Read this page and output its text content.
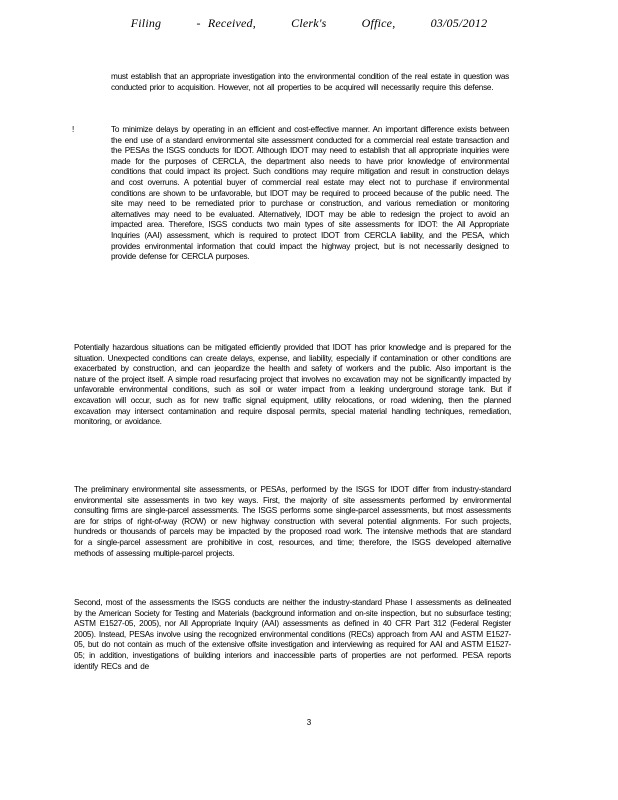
Filing	- Received,	Clerk's	Office,	03/05/2012
must establish that an appropriate investigation into the environmental condition of the real estate in question was conducted prior to acquisition. However, not all properties to be acquired will necessarily require this defense.
!	To minimize delays by operating in an efficient and cost-effective manner. An important difference exists between the end use of a standard environmental site assessment conducted for a commercial real estate transaction and the PESAs the ISGS conducts for IDOT. Although IDOT may need to establish that all appropriate inquiries were made for the purposes of CERCLA, the department also needs to have prior knowledge of environmental conditions that could impact its project. Such conditions may require mitigation and result in construction delays and cost overruns. A potential buyer of commercial real estate may elect not to purchase if environmental conditions are shown to be unfavorable, but IDOT may be required to proceed because of the public need. The site may need to be remediated prior to purchase or construction, and various remediation or monitoring alternatives may need to be evaluated. Alternatively, IDOT may be able to redesign the project to avoid an impacted area. Therefore, ISGS conducts two main types of site assessments for IDOT: the All Appropriate Inquiries (AAI) assessment, which is required to protect IDOT from CERCLA liability, and the PESA, which provides environmental information that could impact the highway project, but is not necessarily designed to provide defense for CERCLA purposes.
Potentially hazardous situations can be mitigated efficiently provided that IDOT has prior knowledge and is prepared for the situation. Unexpected conditions can create delays, expense, and liability, especially if contamination or other conditions are exacerbated by construction, and can jeopardize the health and safety of workers and the public. Also important is the nature of the project itself. A simple road resurfacing project that involves no excavation may not be significantly impacted by unfavorable environmental conditions, such as soil or water impact from a leaking underground storage tank. But if excavation will occur, such as for new traffic signal equipment, utility relocations, or road widening, then the planned excavation may intersect contamination and require disposal permits, special material handling techniques, remediation, monitoring, or avoidance.
The preliminary environmental site assessments, or PESAs, performed by the ISGS for IDOT differ from industry-standard environmental site assessments in two key ways. First, the majority of site assessments performed by environmental consulting firms are single-parcel assessments. The ISGS performs some single-parcel assessments, but most assessments are for strips of right-of-way (ROW) or new highway construction with several potential alignments. For such projects, hundreds or thousands of parcels may be impacted by the proposed road work. The intensive methods that are standard for a single-parcel assessment are prohibitive in cost, resources, and time; therefore, the ISGS developed alternative methods of assessing multiple-parcel projects.
Second, most of the assessments the ISGS conducts are neither the industry-standard Phase I assessments as delineated by the American Society for Testing and Materials (background information and on-site inspection, but no subsurface testing; ASTM E1527-05, 2005), nor All Appropriate Inquiry (AAI) assessments as defined in 40 CFR Part 312 (Federal Register 2005). Instead, PESAs involve using the recognized environmental conditions (RECs) approach from AAI and ASTM E1527-05, but do not contain as much of the extensive offsite investigation and interviewing as required for AAI and ASTM E1527-05; in addition, investigations of building interiors and inaccessible parts of properties are not performed. PESA reports identify RECs and de
3
